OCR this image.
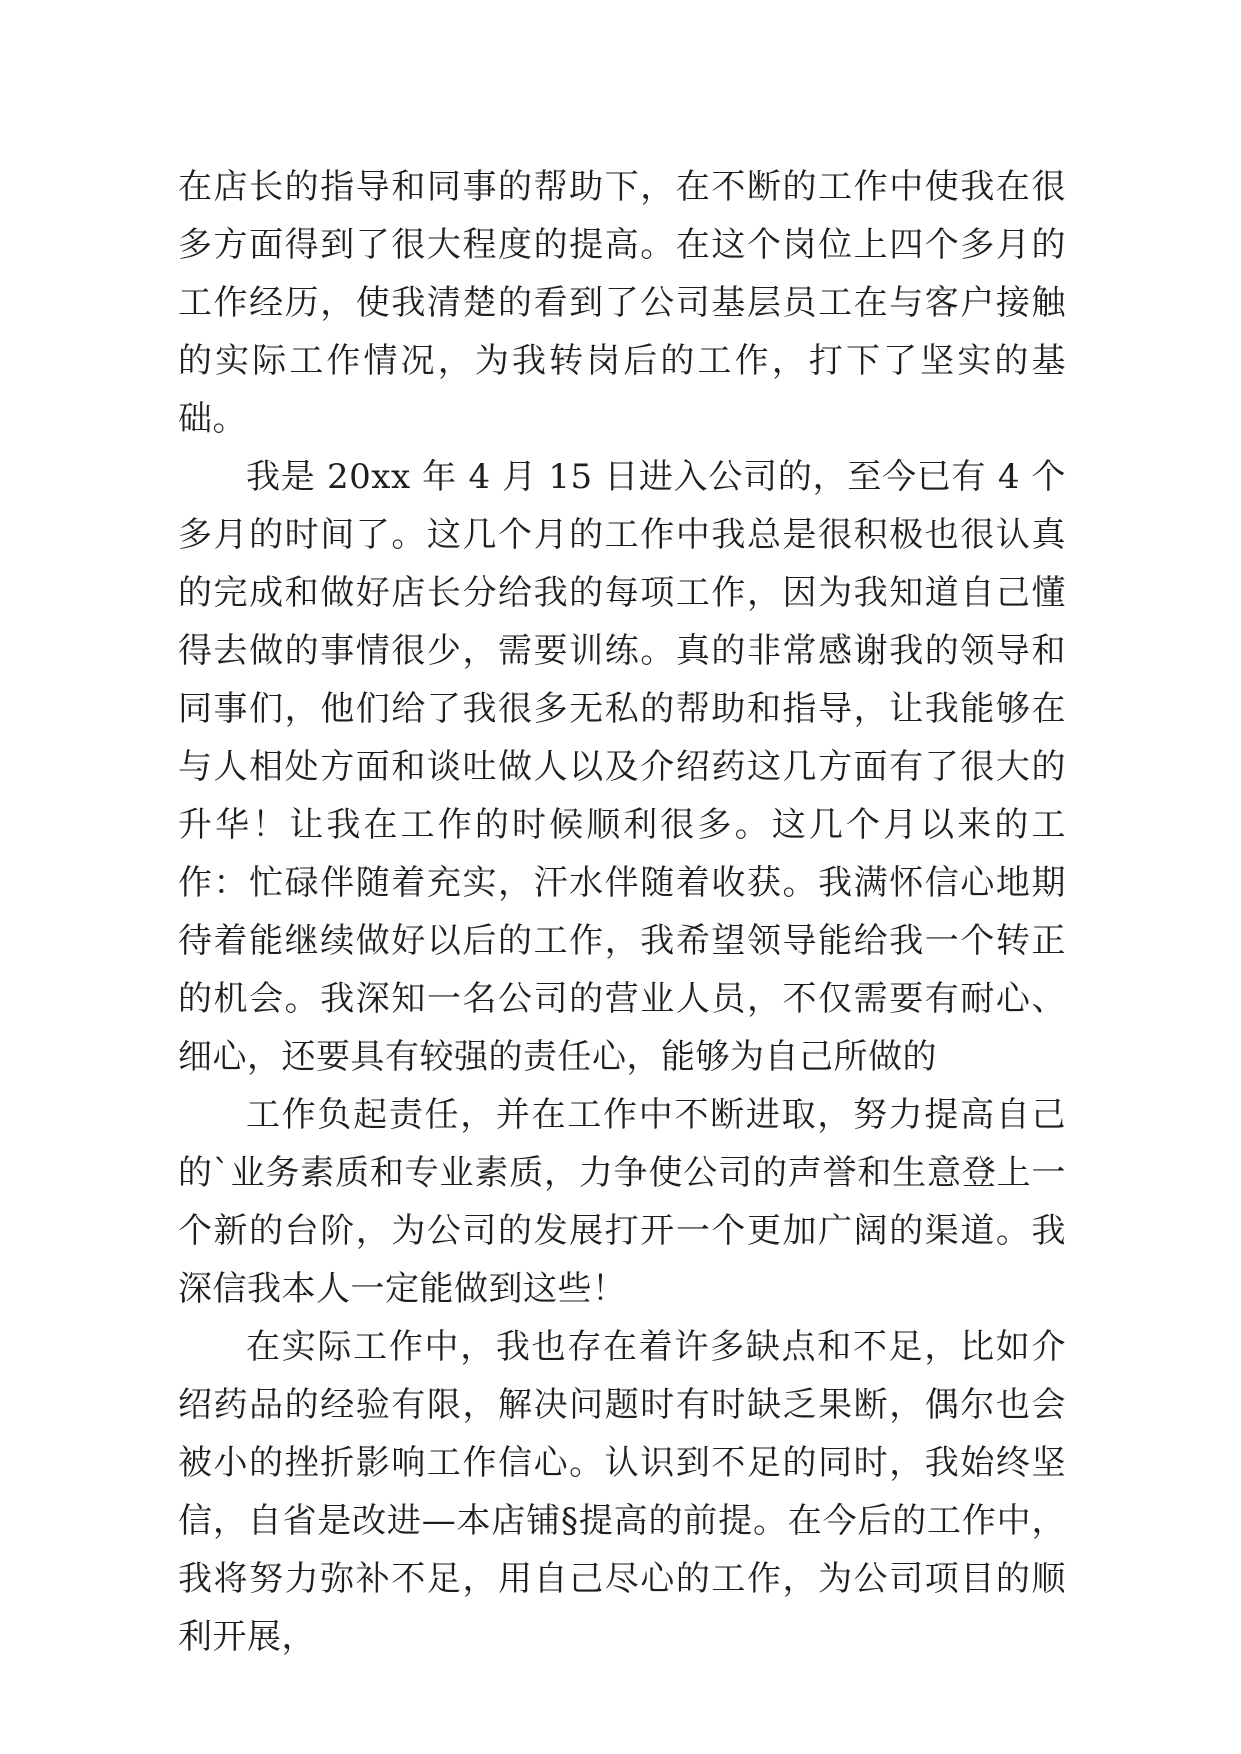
在店长的指导和同事的帮助下，在不断的工作中使我在很多方面得到了很大程度的提高。在这个岗位上四个多月的工作经历，使我清楚的看到了公司基层员工在与客户接触的实际工作情况，为我转岗后的工作，打下了坚实的基础。

我是 20xx 年 4 月 15 日进入公司的，至今已有 4 个多月的时间了。这几个月的工作中我总是很积极也很认真的完成和做好店长分给我的每项工作，因为我知道自己懂得去做的事情很少，需要训练。真的非常感谢我的领导和同事们，他们给了我很多无私的帮助和指导，让我能够在与人相处方面和谈吐做人以及介绍药这几方面有了很大的升华！让我在工作的时候顺利很多。这几个月以来的工作：忙碌伴随着充实，汗水伴随着收获。我满怀信心地期待着能继续做好以后的工作，我希望领导能给我一个转正的机会。我深知一名公司的营业人员，不仅需要有耐心、细心，还要具有较强的责任心，能够为自己所做的

工作负起责任，并在工作中不断进取，努力提高自己的`业务素质和专业素质，力争使公司的声誉和生意登上一个新的台阶，为公司的发展打开一个更加广阔的渠道。我深信我本人一定能做到这些！

在实际工作中，我也存在着许多缺点和不足，比如介绍药品的经验有限，解决问题时有时缺乏果断，偶尔也会被小的挫折影响工作信心。认识到不足的同时，我始终坚信，自省是改进—本店铺§提高的前提。在今后的工作中，我将努力弥补不足，用自己尽心的工作，为公司项目的顺利开展，
